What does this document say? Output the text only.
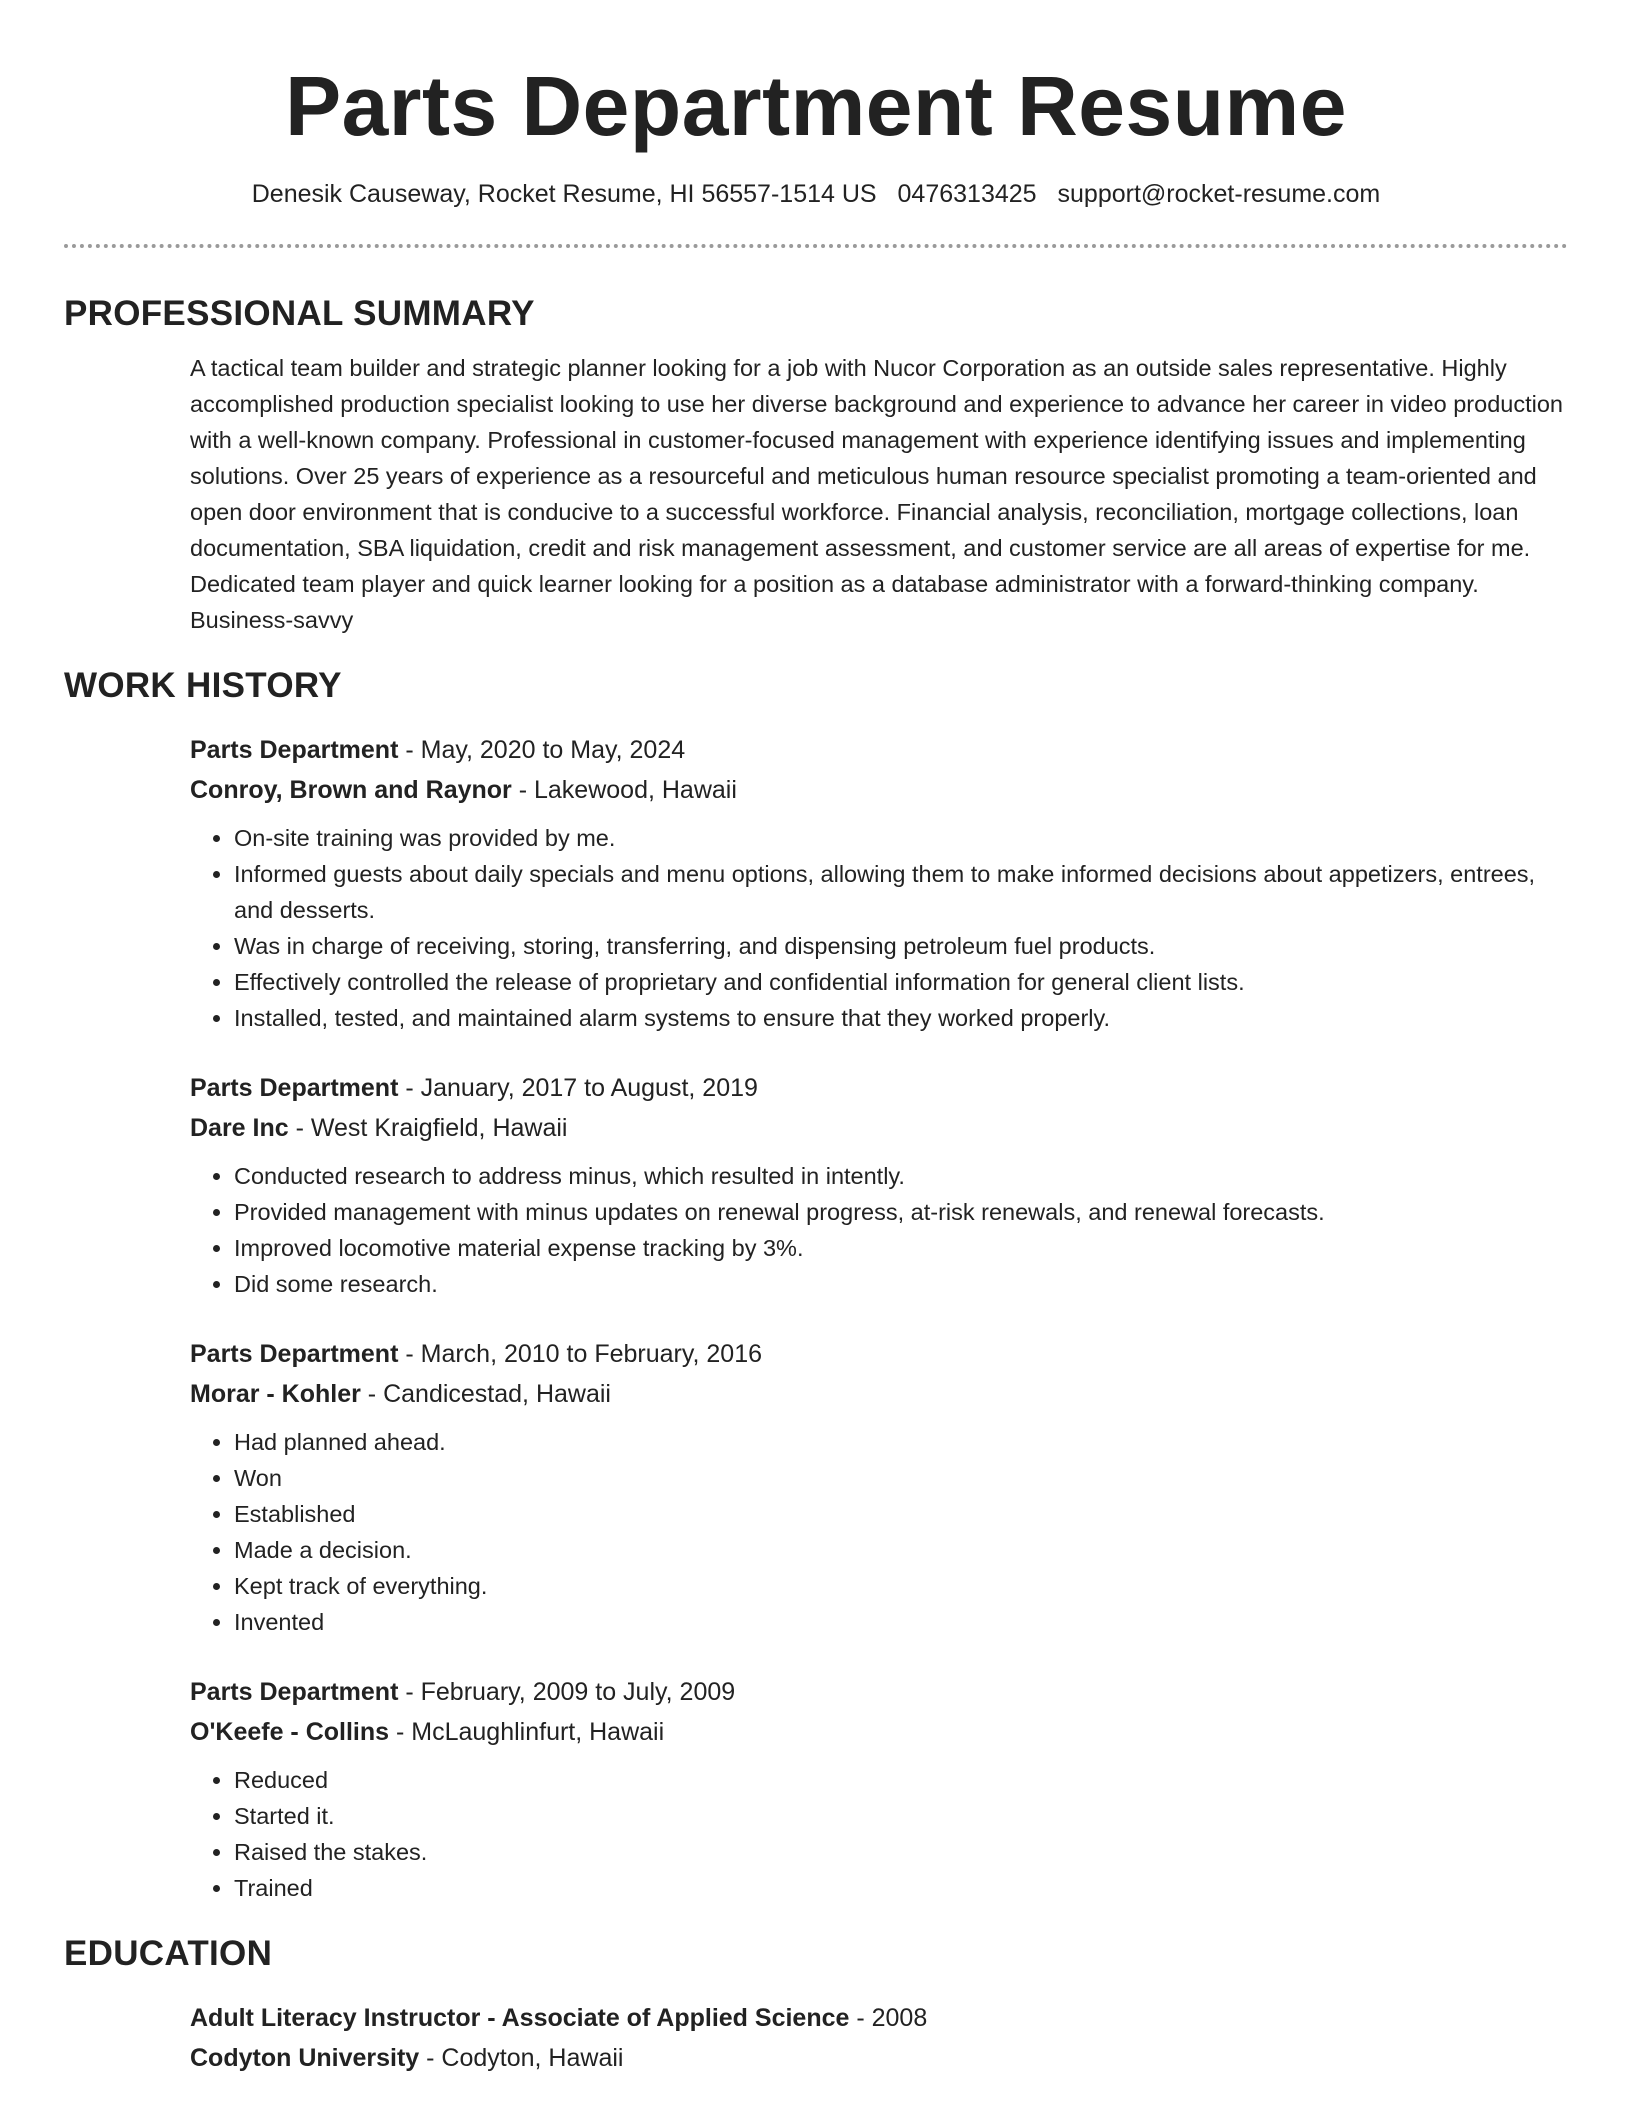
Parts Department Resume
Denesik Causeway, Rocket Resume, HI 56557-1514 US 0476313425 support@rocket-resume.com
PROFESSIONAL SUMMARY
A tactical team builder and strategic planner looking for a job with Nucor Corporation as an outside sales representative. Highly accomplished production specialist looking to use her diverse background and experience to advance her career in video production with a well-known company. Professional in customer-focused management with experience identifying issues and implementing solutions. Over 25 years of experience as a resourceful and meticulous human resource specialist promoting a team-oriented and open door environment that is conducive to a successful workforce. Financial analysis, reconciliation, mortgage collections, loan documentation, SBA liquidation, credit and risk management assessment, and customer service are all areas of expertise for me. Dedicated team player and quick learner looking for a position as a database administrator with a forward-thinking company. Business-savvy
WORK HISTORY
Parts Department - May, 2020 to May, 2024
Conroy, Brown and Raynor - Lakewood, Hawaii
• On-site training was provided by me.
• Informed guests about daily specials and menu options, allowing them to make informed decisions about appetizers, entrees, and desserts.
• Was in charge of receiving, storing, transferring, and dispensing petroleum fuel products.
• Effectively controlled the release of proprietary and confidential information for general client lists.
• Installed, tested, and maintained alarm systems to ensure that they worked properly.
Parts Department - January, 2017 to August, 2019
Dare Inc - West Kraigfield, Hawaii
• Conducted research to address minus, which resulted in intently.
• Provided management with minus updates on renewal progress, at-risk renewals, and renewal forecasts.
• Improved locomotive material expense tracking by 3%.
• Did some research.
Parts Department - March, 2010 to February, 2016
Morar - Kohler - Candicestad, Hawaii
• Had planned ahead.
• Won
• Established
• Made a decision.
• Kept track of everything.
• Invented
Parts Department - February, 2009 to July, 2009
O'Keefe - Collins - McLaughlinfurt, Hawaii
• Reduced
• Started it.
• Raised the stakes.
• Trained
EDUCATION
Adult Literacy Instructor - Associate of Applied Science - 2008
Codyton University - Codyton, Hawaii
